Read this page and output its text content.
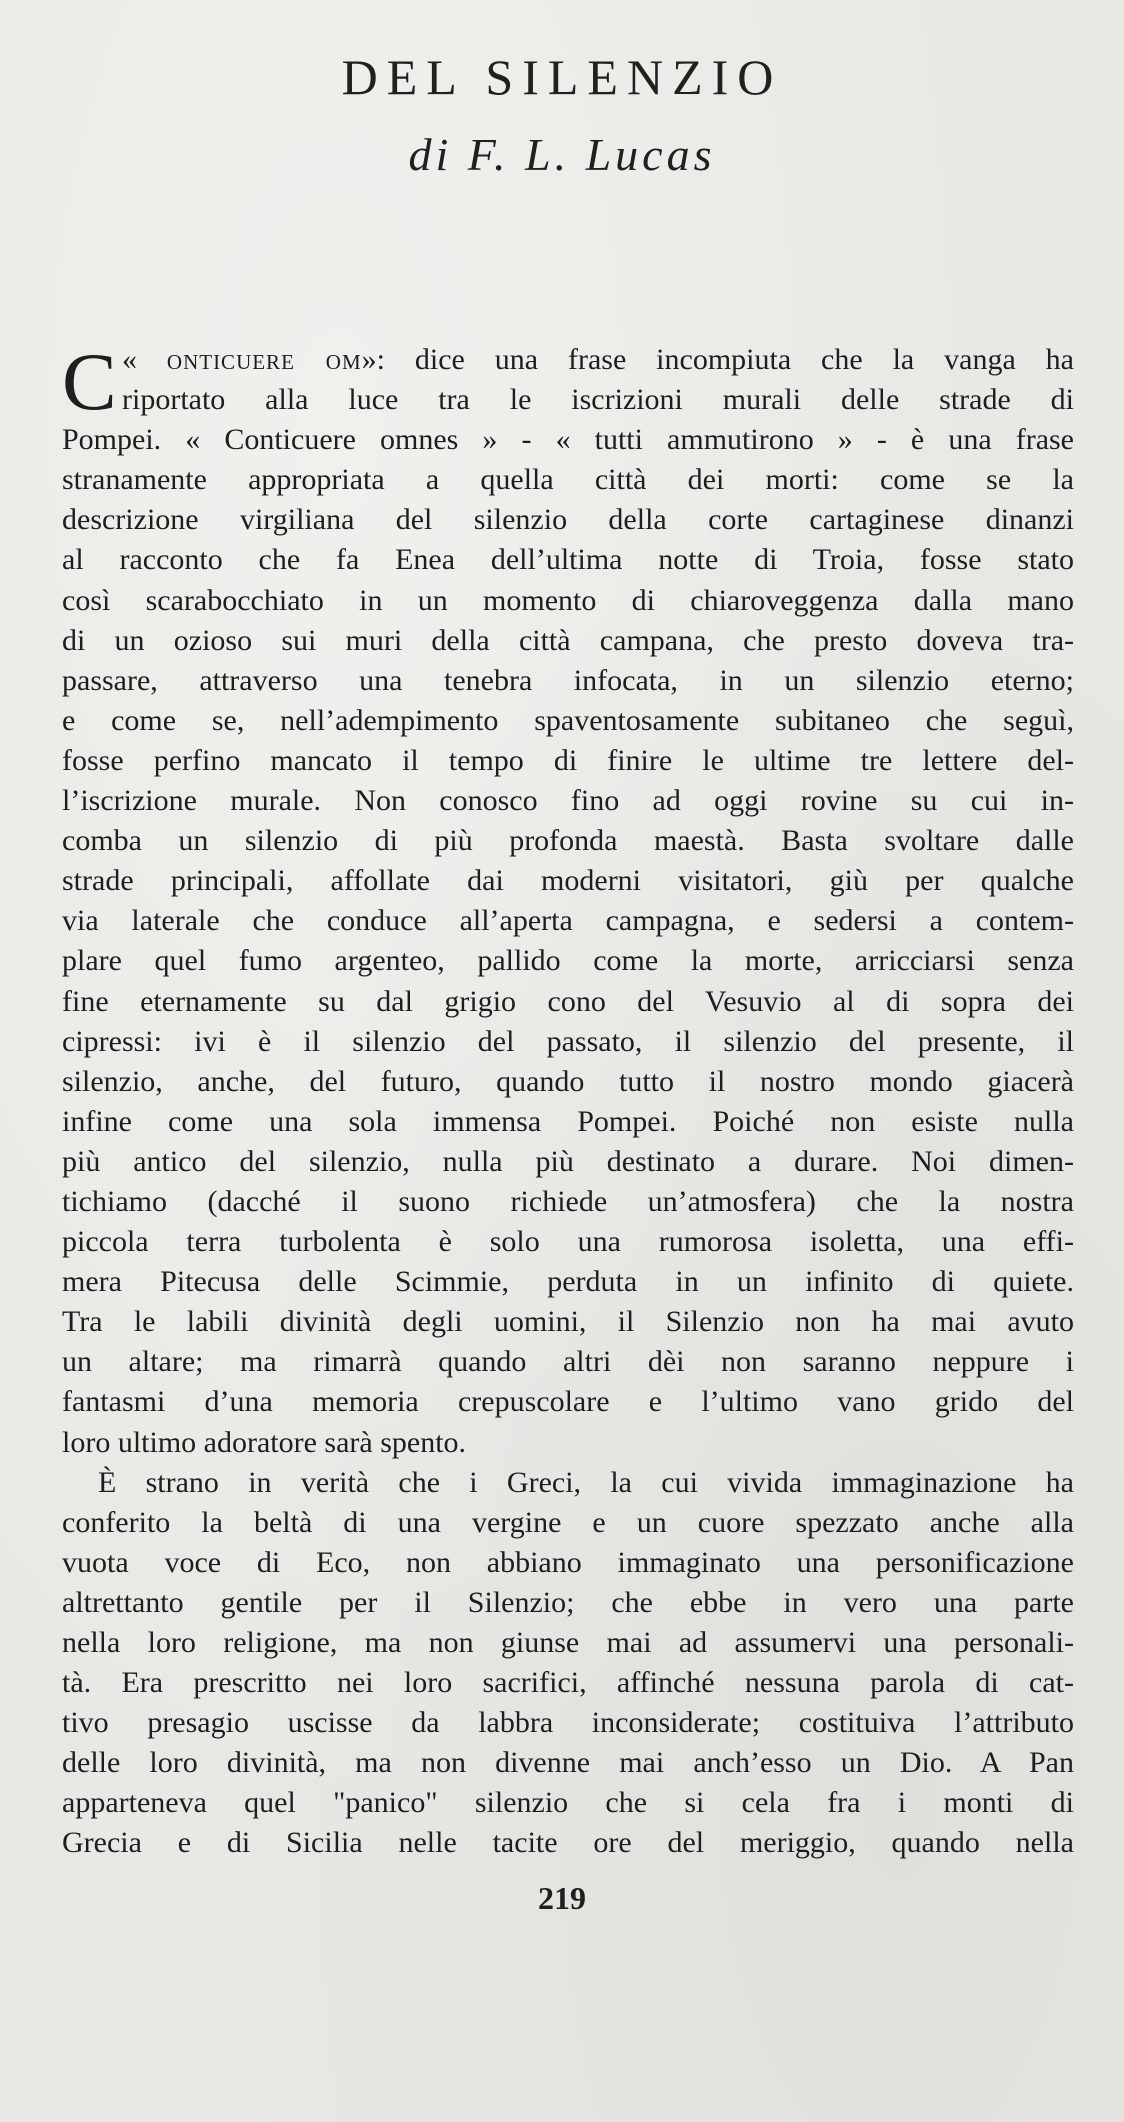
DEL SILENZIO
di F. L. Lucas
C « onticuere om»: dice una frase incompiuta che la vanga ha
riportato alla luce tra le iscrizioni murali delle strade di
Pompei. « Conticuere omnes » - « tutti ammutirono » - è una frase
stranamente appropriata a quella città dei morti: come se la
descrizione virgiliana del silenzio della corte cartaginese dinanzi
al racconto che fa Enea dell’ultima notte di Troia, fosse stato
così scarabocchiato in un momento di chiaroveggenza dalla mano
di un ozioso sui muri della città campana, che presto doveva tra-
passare, attraverso una tenebra infocata, in un silenzio eterno;
e come se, nell’adempimento spaventosamente subitaneo che seguì,
fosse perfino mancato il tempo di finire le ultime tre lettere del-
l’iscrizione murale. Non conosco fino ad oggi rovine su cui in-
comba un silenzio di più profonda maestà. Basta svoltare dalle
strade principali, affollate dai moderni visitatori, giù per qualche
via laterale che conduce all’aperta campagna, e sedersi a contem-
plare quel fumo argenteo, pallido come la morte, arricciarsi senza
fine eternamente su dal grigio cono del Vesuvio al di sopra dei
cipressi: ivi è il silenzio del passato, il silenzio del presente, il
silenzio, anche, del futuro, quando tutto il nostro mondo giacerà
infine come una sola immensa Pompei. Poiché non esiste nulla
più antico del silenzio, nulla più destinato a durare. Noi dimen-
tichiamo (dacché il suono richiede un’atmosfera) che la nostra
piccola terra turbolenta è solo una rumorosa isoletta, una effi-
mera Pitecusa delle Scimmie, perduta in un infinito di quiete.
Tra le labili divinità degli uomini, il Silenzio non ha mai avuto
un altare; ma rimarrà quando altri dèi non saranno neppure i
fantasmi d’una memoria crepuscolare e l’ultimo vano grido del
loro ultimo adoratore sarà spento.
È strano in verità che i Greci, la cui vivida immaginazione ha
conferito la beltà di una vergine e un cuore spezzato anche alla
vuota voce di Eco, non abbiano immaginato una personificazione
altrettanto gentile per il Silenzio; che ebbe in vero una parte
nella loro religione, ma non giunse mai ad assumervi una personali-
tà. Era prescritto nei loro sacrifici, affinché nessuna parola di cat-
tivo presagio uscisse da labbra inconsiderate; costituiva l’attributo
delle loro divinità, ma non divenne mai anch’esso un Dio. A Pan
apparteneva quel "panico" silenzio che si cela fra i monti di
Grecia e di Sicilia nelle tacite ore del meriggio, quando nella
219
